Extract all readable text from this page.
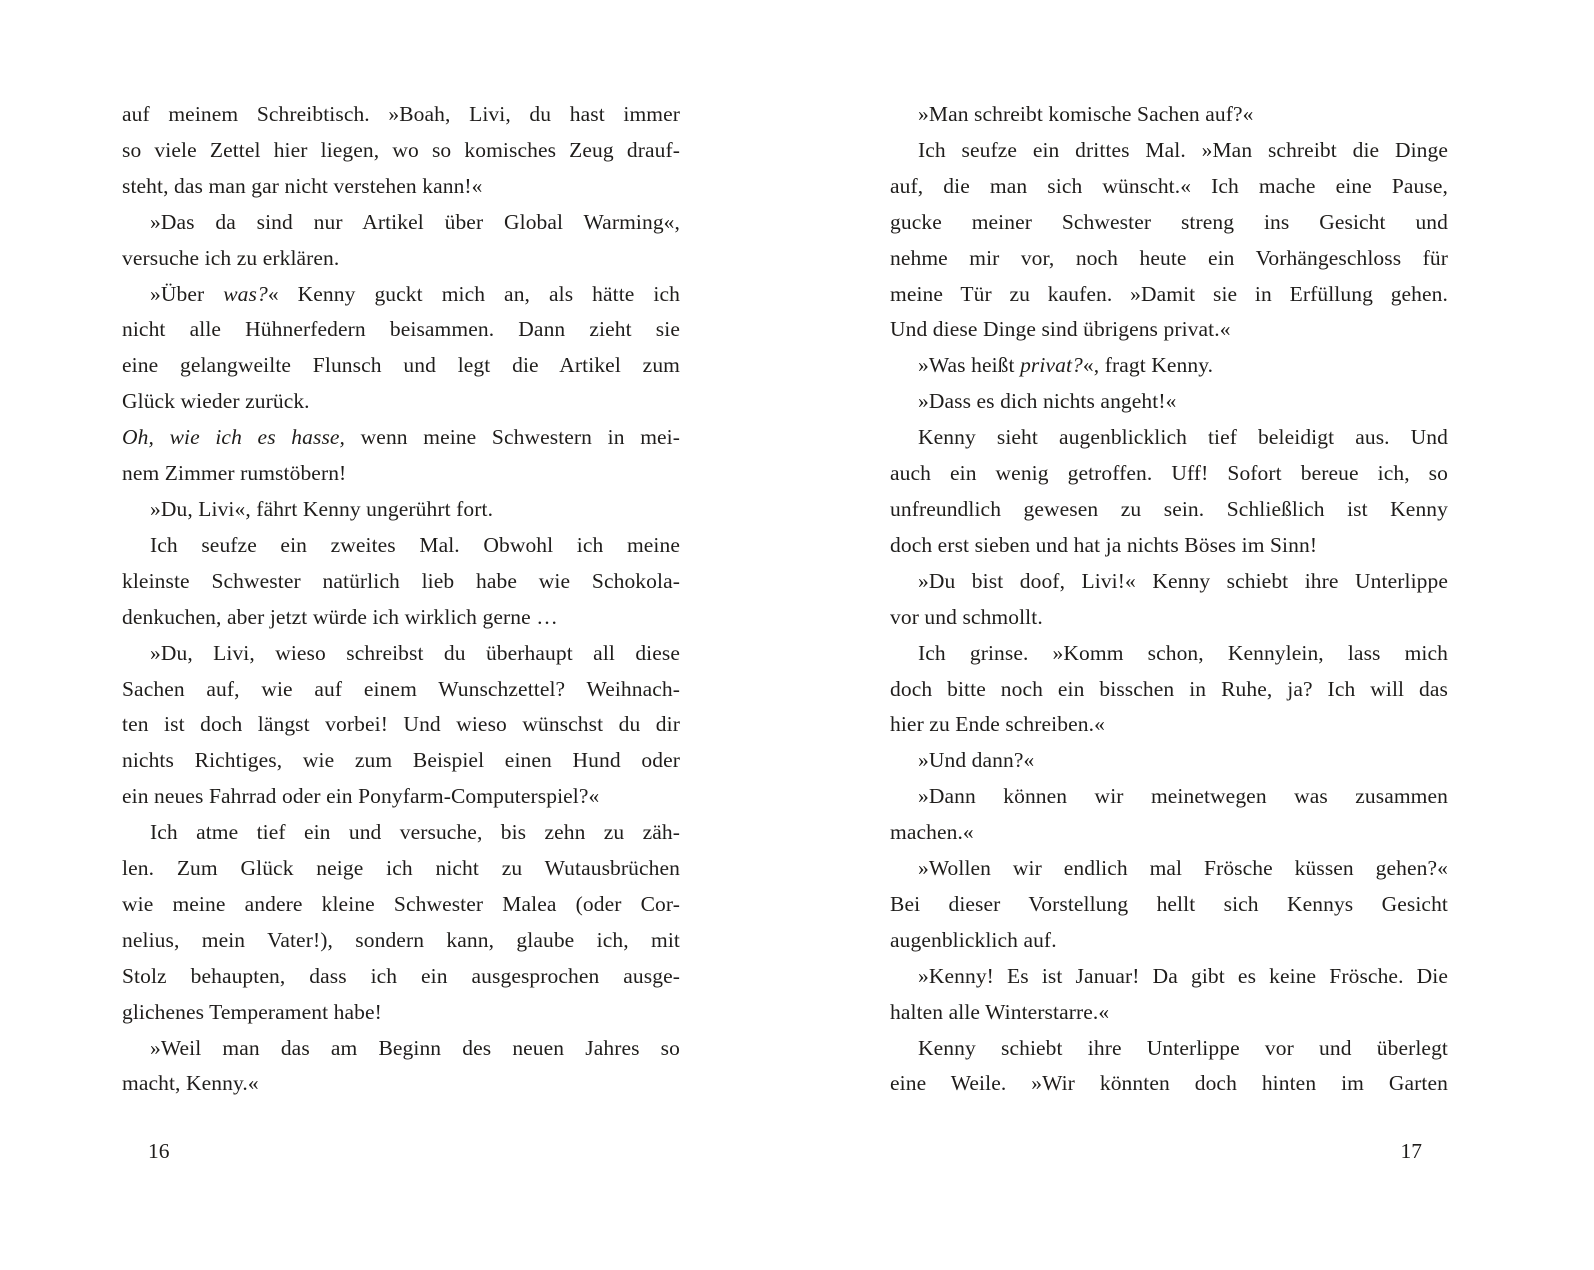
auf meinem Schreibtisch. »Boah, Livi, du hast immer
so viele Zettel hier liegen, wo so komisches Zeug drauf-
steht, das man gar nicht verstehen kann!«
»Das da sind nur Artikel über Global Warming«,
versuche ich zu erklären.
»Über was?« Kenny guckt mich an, als hätte ich
nicht alle Hühnerfedern beisammen. Dann zieht sie
eine gelangweilte Flunsch und legt die Artikel zum
Glück wieder zurück.
Oh, wie ich es hasse, wenn meine Schwestern in mei-
nem Zimmer rumstöbern!
»Du, Livi«, fährt Kenny ungerührt fort.
Ich seufze ein zweites Mal. Obwohl ich meine
kleinste Schwester natürlich lieb habe wie Schokola-
denkuchen, aber jetzt würde ich wirklich gerne …
»Du, Livi, wieso schreibst du überhaupt all diese
Sachen auf, wie auf einem Wunschzettel? Weihnach-
ten ist doch längst vorbei! Und wieso wünschst du dir
nichts Richtiges, wie zum Beispiel einen Hund oder
ein neues Fahrrad oder ein Ponyfarm-Computerspiel?«
Ich atme tief ein und versuche, bis zehn zu zäh-
len. Zum Glück neige ich nicht zu Wutausbrüchen
wie meine andere kleine Schwester Malea (oder Cor-
nelius, mein Vater!), sondern kann, glaube ich, mit
Stolz behaupten, dass ich ein ausgesprochen ausge-
glichenes Temperament habe!
»Weil man das am Beginn des neuen Jahres so
macht, Kenny.«
16
»Man schreibt komische Sachen auf?«
Ich seufze ein drittes Mal. »Man schreibt die Dinge
auf, die man sich wünscht.« Ich mache eine Pause,
gucke meiner Schwester streng ins Gesicht und
nehme mir vor, noch heute ein Vorhängeschloss für
meine Tür zu kaufen. »Damit sie in Erfüllung gehen.
Und diese Dinge sind übrigens privat.«
»Was heißt privat?«, fragt Kenny.
»Dass es dich nichts angeht!«
Kenny sieht augenblicklich tief beleidigt aus. Und
auch ein wenig getroffen. Uff! Sofort bereue ich, so
unfreundlich gewesen zu sein. Schließlich ist Kenny
doch erst sieben und hat ja nichts Böses im Sinn!
»Du bist doof, Livi!« Kenny schiebt ihre Unterlippe
vor und schmollt.
Ich grinse. »Komm schon, Kennylein, lass mich
doch bitte noch ein bisschen in Ruhe, ja? Ich will das
hier zu Ende schreiben.«
»Und dann?«
»Dann können wir meinetwegen was zusammen
machen.«
»Wollen wir endlich mal Frösche küssen gehen?«
Bei dieser Vorstellung hellt sich Kennys Gesicht
augenblicklich auf.
»Kenny! Es ist Januar! Da gibt es keine Frösche. Die
halten alle Winterstarre.«
Kenny schiebt ihre Unterlippe vor und überlegt
eine Weile. »Wir könnten doch hinten im Garten
17
